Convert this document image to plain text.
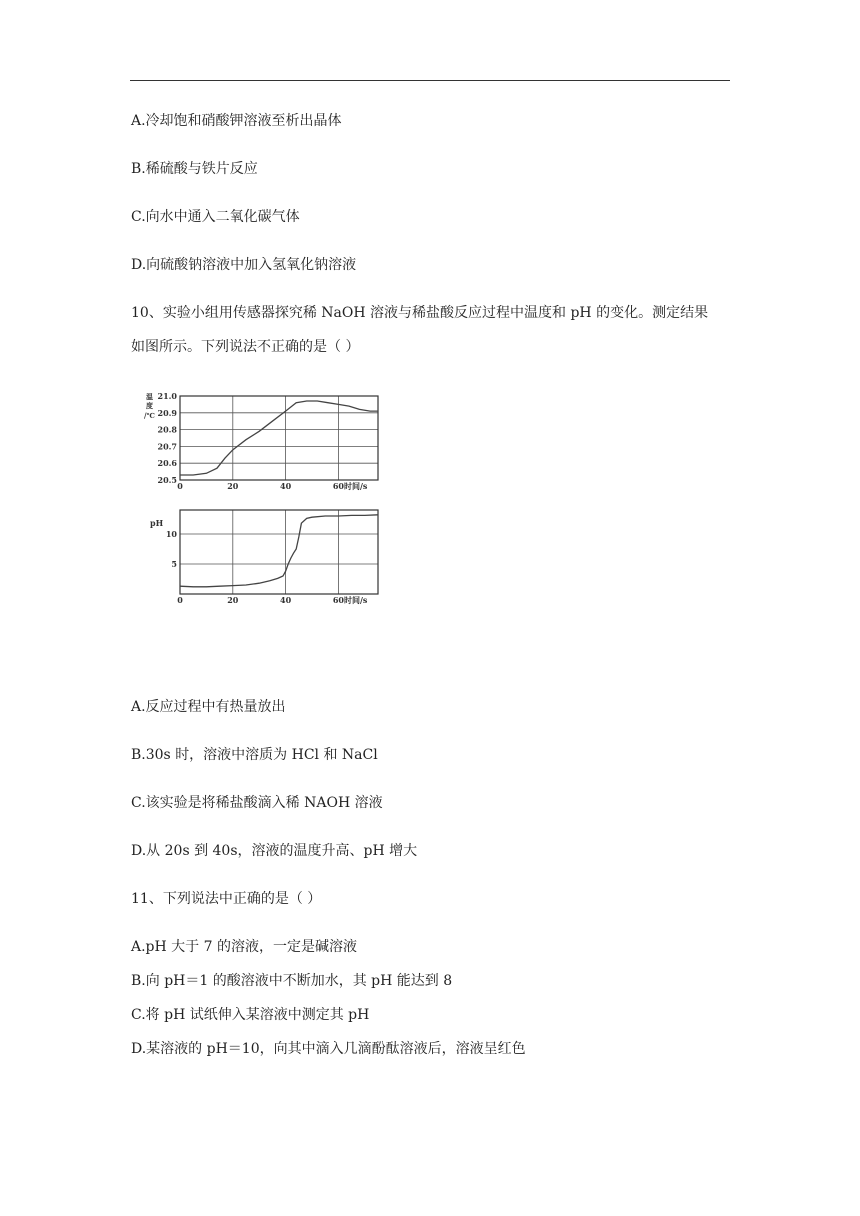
A.冷却饱和硝酸钾溶液至析出晶体
B.稀硫酸与铁片反应
C.向水中通入二氧化碳气体
D.向硫酸钠溶液中加入氢氧化钠溶液
10、实验小组用传感器探究稀 NaOH 溶液与稀盐酸反应过程中温度和 pH 的变化。测定结果
如图所示。下列说法不正确的是（ ）
20.5
20.6
20.7
20.8
20.9
21.0
0	20	40	60
温
度
/℃
时间/s
5
10
0	20	40	60
pH
时间/s
A.反应过程中有热量放出
B.30s 时，溶液中溶质为 HCl 和 NaCl
C.该实验是将稀盐酸滴入稀 NAOH 溶液
D.从 20s 到 40s，溶液的温度升高、pH 增大
11、下列说法中正确的是（ ）
A.pH 大于 7 的溶液，一定是碱溶液
B.向 pH＝1 的酸溶液中不断加水，其 pH 能达到 8
C.将 pH 试纸伸入某溶液中测定其 pH
D.某溶液的 pH＝10，向其中滴入几滴酚酞溶液后，溶液呈红色
